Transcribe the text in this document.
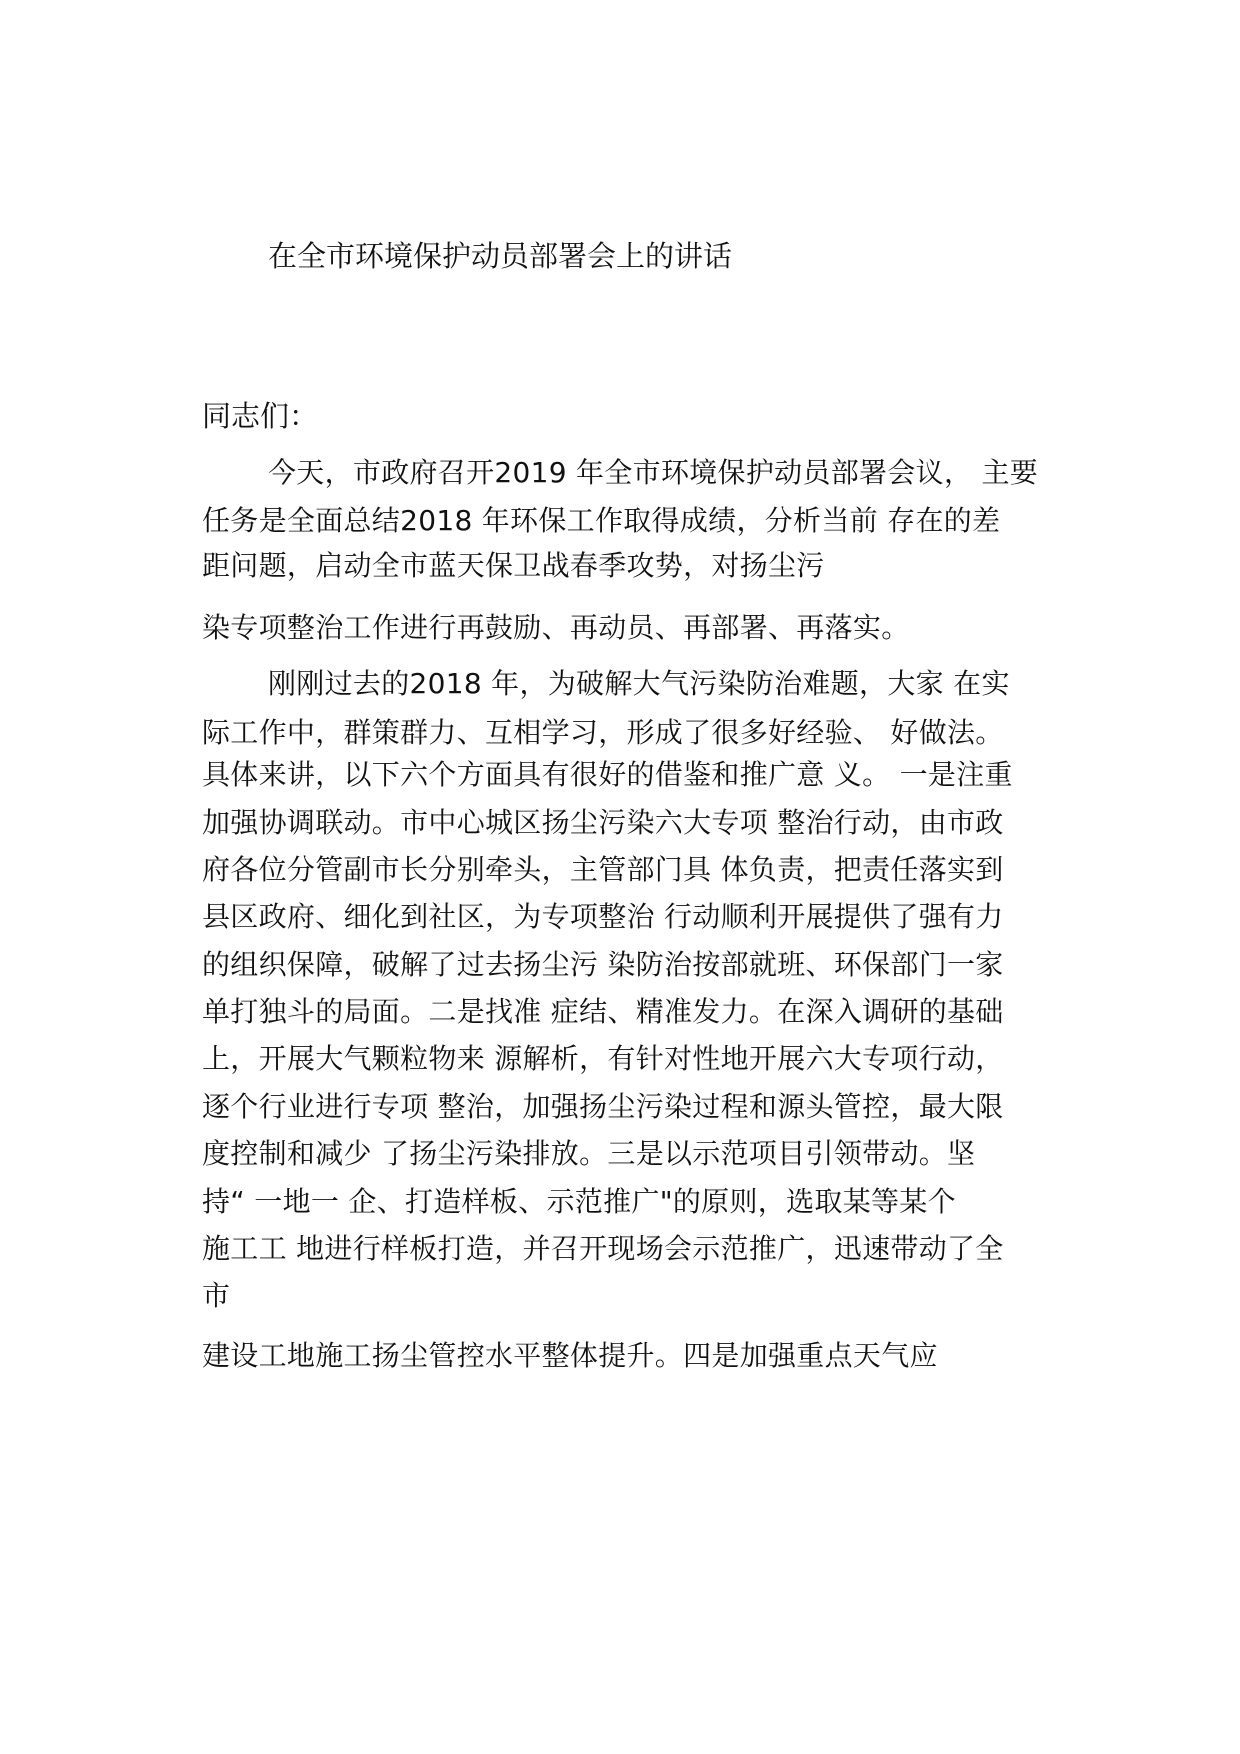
在全市环境保护动员部署会上的讲话
同志们：
今天，市政府召开2019 年全市环境保护动员部署会议， 主要
任务是全面总结2018 年环保工作取得成绩，分析当前 存在的差
距问题，启动全市蓝天保卫战春季攻势，对扬尘污
染专项整治工作进行再鼓励、再动员、再部署、再落实。
刚刚过去的2018 年，为破解大气污染防治难题，大家 在实
际工作中，群策群力、互相学习，形成了很多好经验、 好做法。
具体来讲，以下六个方面具有很好的借鉴和推广意 义。 一是注重
加强协调联动。市中心城区扬尘污染六大专项 整治行动，由市政
府各位分管副市长分别牵头，主管部门具 体负责，把责任落实到
县区政府、细化到社区，为专项整治 行动顺利开展提供了强有力
的组织保障，破解了过去扬尘污 染防治按部就班、环保部门一家
单打独斗的局面。二是找准 症结、精准发力。在深入调研的基础
上，开展大气颗粒物来 源解析，有针对性地开展六大专项行动，
逐个行业进行专项 整治，加强扬尘污染过程和源头管控，最大限
度控制和减少 了扬尘污染排放。三是以示范项目引领带动。坚
持“ 一地一 企、打造样板、示范推广"的原则，选取某等某个
施工工 地进行样板打造，并召开现场会示范推广，迅速带动了全
市
建设工地施工扬尘管控水平整体提升。四是加强重点天气应
